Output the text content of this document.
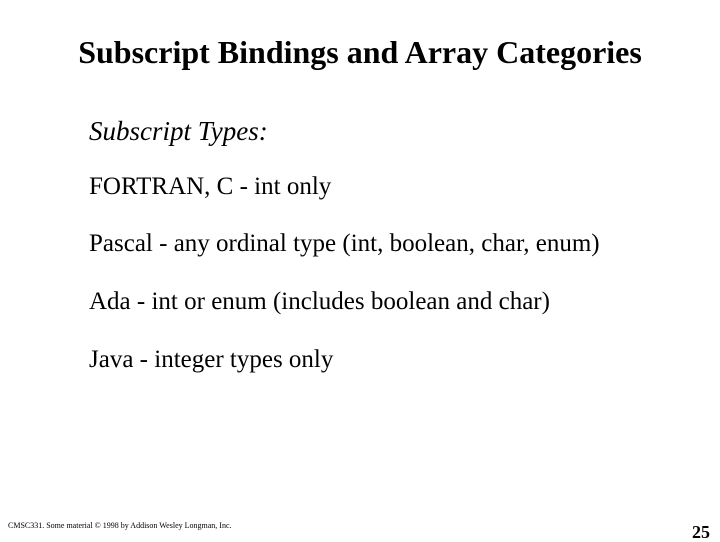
Subscript Bindings and Array Categories

Subscript Types:

FORTRAN, C - int only

Pascal - any ordinal type (int, boolean, char, enum)

Ada - int or enum (includes boolean and char)

Java - integer types only

CMSC331. Some material © 1998 by Addison Wesley Longman, Inc.	25
